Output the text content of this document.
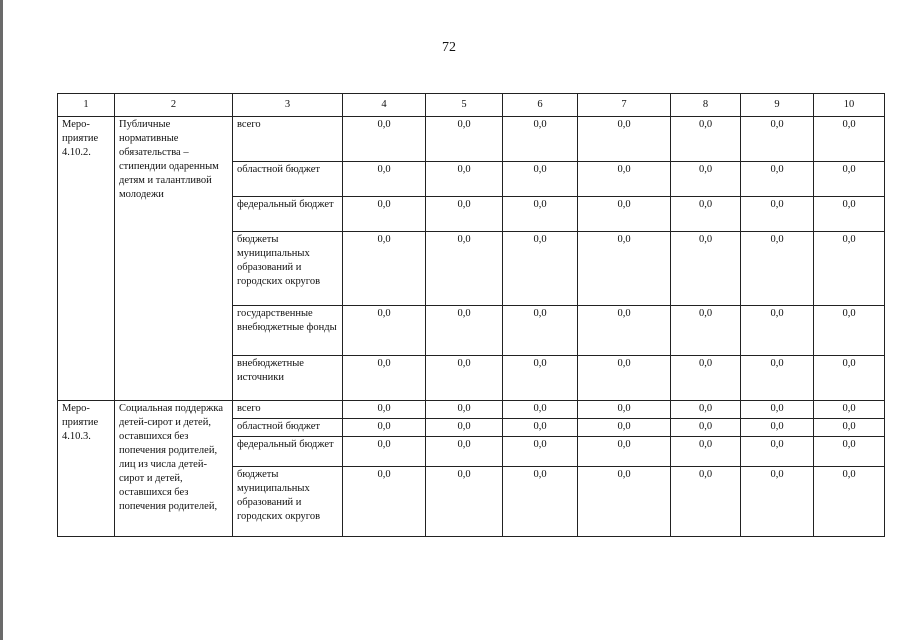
72
1	2	3	4	5	6	7	8	9	10
Меро-
приятие
4.10.2.	Публичные нормативные обязательства – стипендии одаренным детям и талантливой молодежи	всего	0,0	0,0	0,0	0,0	0,0	0,0	0,0
		областной бюджет	0,0	0,0	0,0	0,0	0,0	0,0	0,0
		федеральный бюджет	0,0	0,0	0,0	0,0	0,0	0,0	0,0
		бюджеты муниципальных образований и городских округов	0,0	0,0	0,0	0,0	0,0	0,0	0,0
		государственные внебюджетные фонды	0,0	0,0	0,0	0,0	0,0	0,0	0,0
		внебюджетные источники	0,0	0,0	0,0	0,0	0,0	0,0	0,0
Меро-
приятие
4.10.3.	Социальная поддержка детей-сирот и детей, оставшихся без попечения родителей, лиц из числа детей-сирот и детей, оставшихся без попечения родителей,	всего	0,0	0,0	0,0	0,0	0,0	0,0	0,0
		областной бюджет	0,0	0,0	0,0	0,0	0,0	0,0	0,0
		федеральный бюджет	0,0	0,0	0,0	0,0	0,0	0,0	0,0
		бюджеты муниципальных образований и городских округов	0,0	0,0	0,0	0,0	0,0	0,0	0,0
